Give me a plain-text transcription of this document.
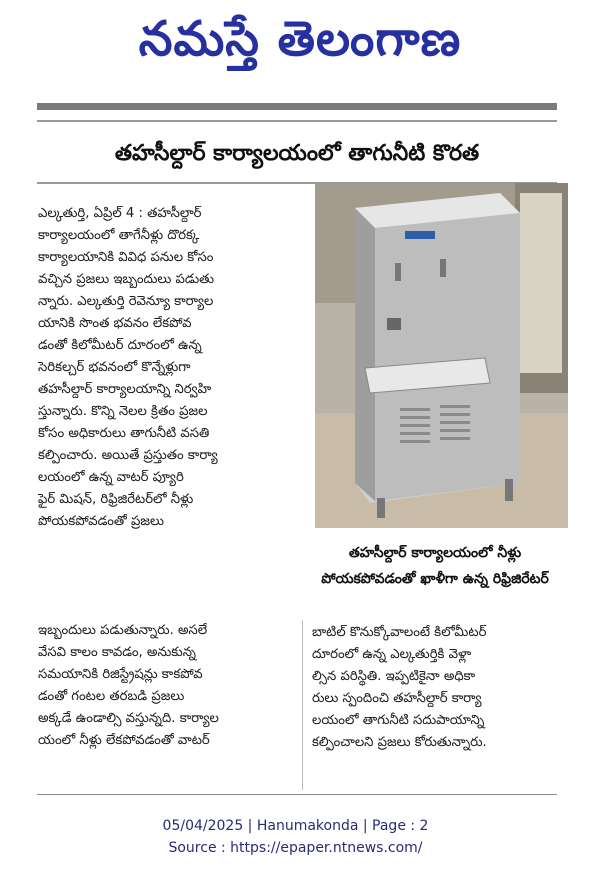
నమస్తే తెలంగాణ
తహసీల్దార్ కార్యాలయంలో తాగునీటి కొరత
ఎల్కతుర్తి, ఏప్రిల్ 4 : తహసీల్దార్
కార్యాలయంలో తాగేనీళ్లు దొరక్క
కార్యాలయానికి వివిధ పనుల కోసం
వచ్చిన ప్రజలు ఇబ్బందులు పడుతు
న్నారు. ఎల్కతుర్తి రెవెన్యూ కార్యాల
యానికి సొంత భవనం లేకపోవ
డంతో కిలోమీటర్ దూరంలో ఉన్న
సెరికల్చర్ భవనంలో కొన్నేళ్లుగా
తహసీల్దార్ కార్యాలయాన్ని నిర్వహి
స్తున్నారు. కొన్ని నెలల క్రితం ప్రజల
కోసం అధికారులు తాగునీటి వసతి
కల్పించారు. అయితే ప్రస్తుతం కార్యా
లయంలో ఉన్న వాటర్ ప్యూరి
ఫైర్ మిషన్, రిఫ్రిజిరేటర్‌లో నీళ్లు
పోయకపోవడంతో ప్రజలు
తహసీల్దార్ కార్యాలయంలో నీళ్లు
పోయకపోవడంతో ఖాళీగా ఉన్న రిఫ్రిజిరేటర్
ఇబ్బందులు పడుతున్నారు. అసలే
వేసవి కాలం కావడం, అనుకున్న
సమయానికి రిజిస్ట్రేషన్లు కాకపోవ
డంతో గంటల తరబడి ప్రజలు
అక్కడే ఉండాల్సి వస్తున్నది. కార్యాల
యంలో నీళ్లు లేకపోవడంతో వాటర్
బాటిల్ కొనుక్కోవాలంటే కిలోమీటర్
దూరంలో ఉన్న ఎల్కతుర్తికి వెళ్లా
ల్సిన పరిస్థితి. ఇప్పటికైనా అధికా
రులు స్పందించి తహసీల్దార్ కార్యా
లయంలో తాగునీటి సదుపాయాన్ని
కల్పించాలని ప్రజలు కోరుతున్నారు.
05/04/2025 | Hanumakonda | Page : 2
Source : https://epaper.ntnews.com/
